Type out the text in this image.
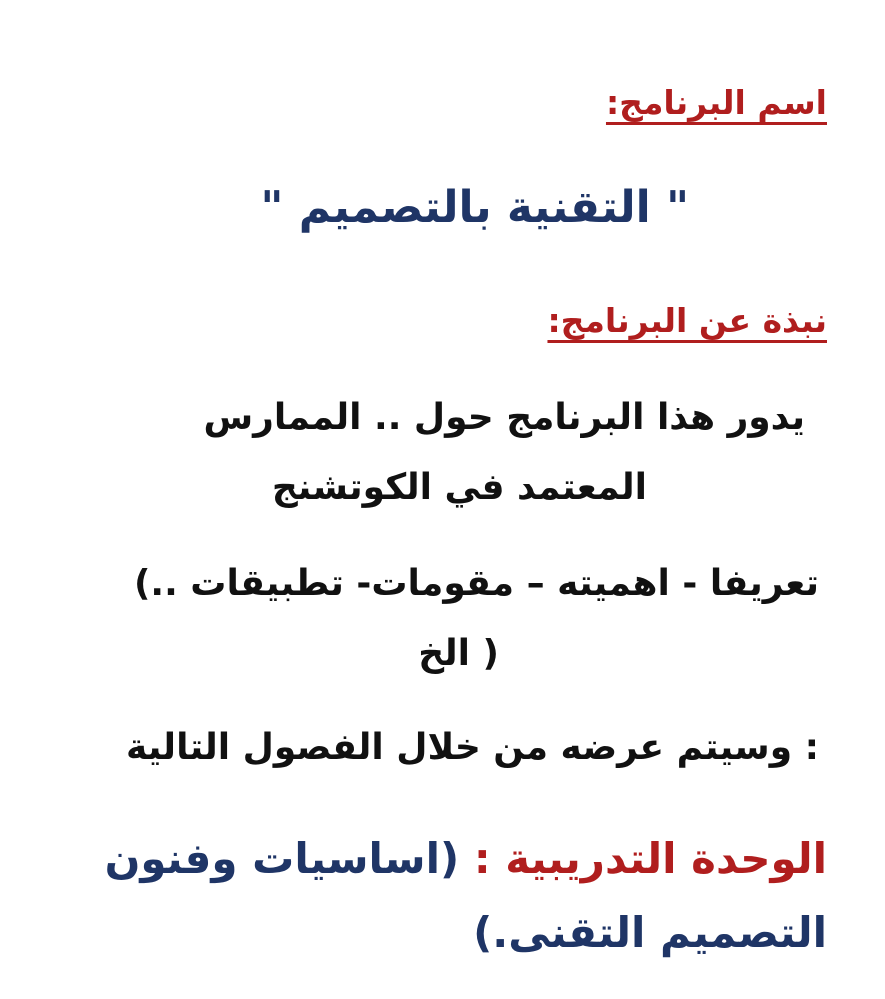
اسم البرنامج:
" التقنية بالتصميم "
نبذة عن البرنامج:
يدور هذا البرنامج حول .. الممارس
المعتمد في الكوتشنج
تعريفا - اهميته – مقومات- تطبيقات ..)
( الخ
: وسيتم عرضه من خلال الفصول التالية
الوحدة التدريبية : (اساسيات وفنون
التصميم التقنى.)
